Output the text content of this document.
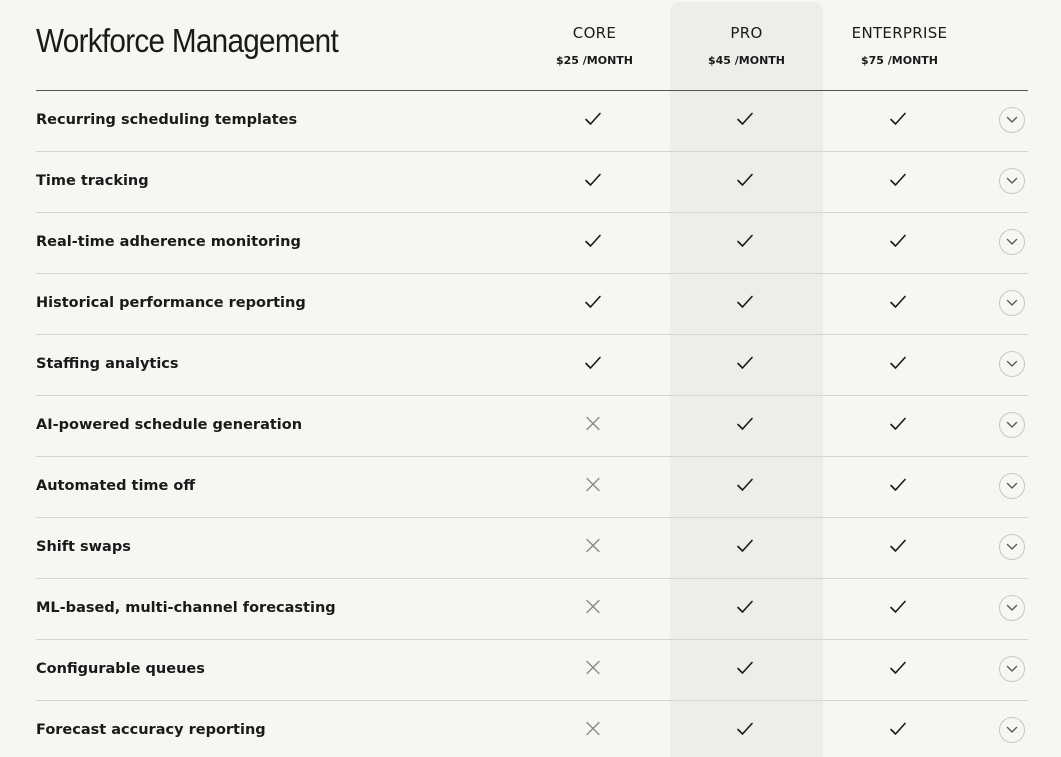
Workforce Management	CORE
$25 /MONTH
PRO
$45 /MONTH
ENTERPRISE
$75 /MONTH
Recurring scheduling templates
Time tracking
Real-time adherence monitoring
Historical performance reporting
Staffing analytics
AI-powered schedule generation
Automated time off
Shift swaps
ML-based, multi-channel forecasting
Configurable queues
Forecast accuracy reporting
